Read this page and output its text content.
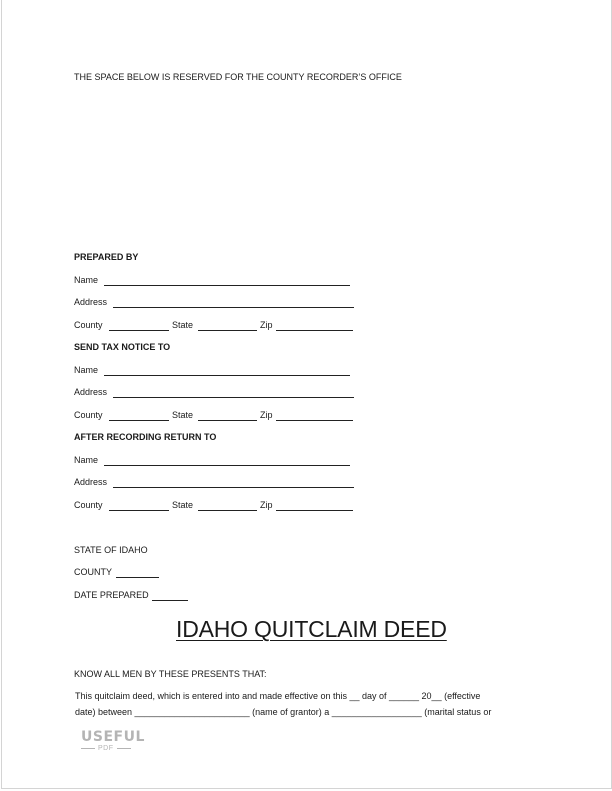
THE SPACE BELOW IS RESERVED FOR THE COUNTY RECORDER’S OFFICE
PREPARED BY
Name
Address
County	State	Zip
SEND TAX NOTICE TO
Name
Address
County	State	Zip
AFTER RECORDING RETURN TO
Name
Address
County	State	Zip
STATE OF IDAHO
COUNTY
DATE PREPARED
IDAHO QUITCLAIM DEED
KNOW ALL MEN BY THESE PRESENTS THAT:
This quitclaim deed, which is entered into and made effective on this __ day of ______ 20__ (effective
date) between _______________________ (name of grantor) a __________________ (marital status or
USEFUL
PDF
